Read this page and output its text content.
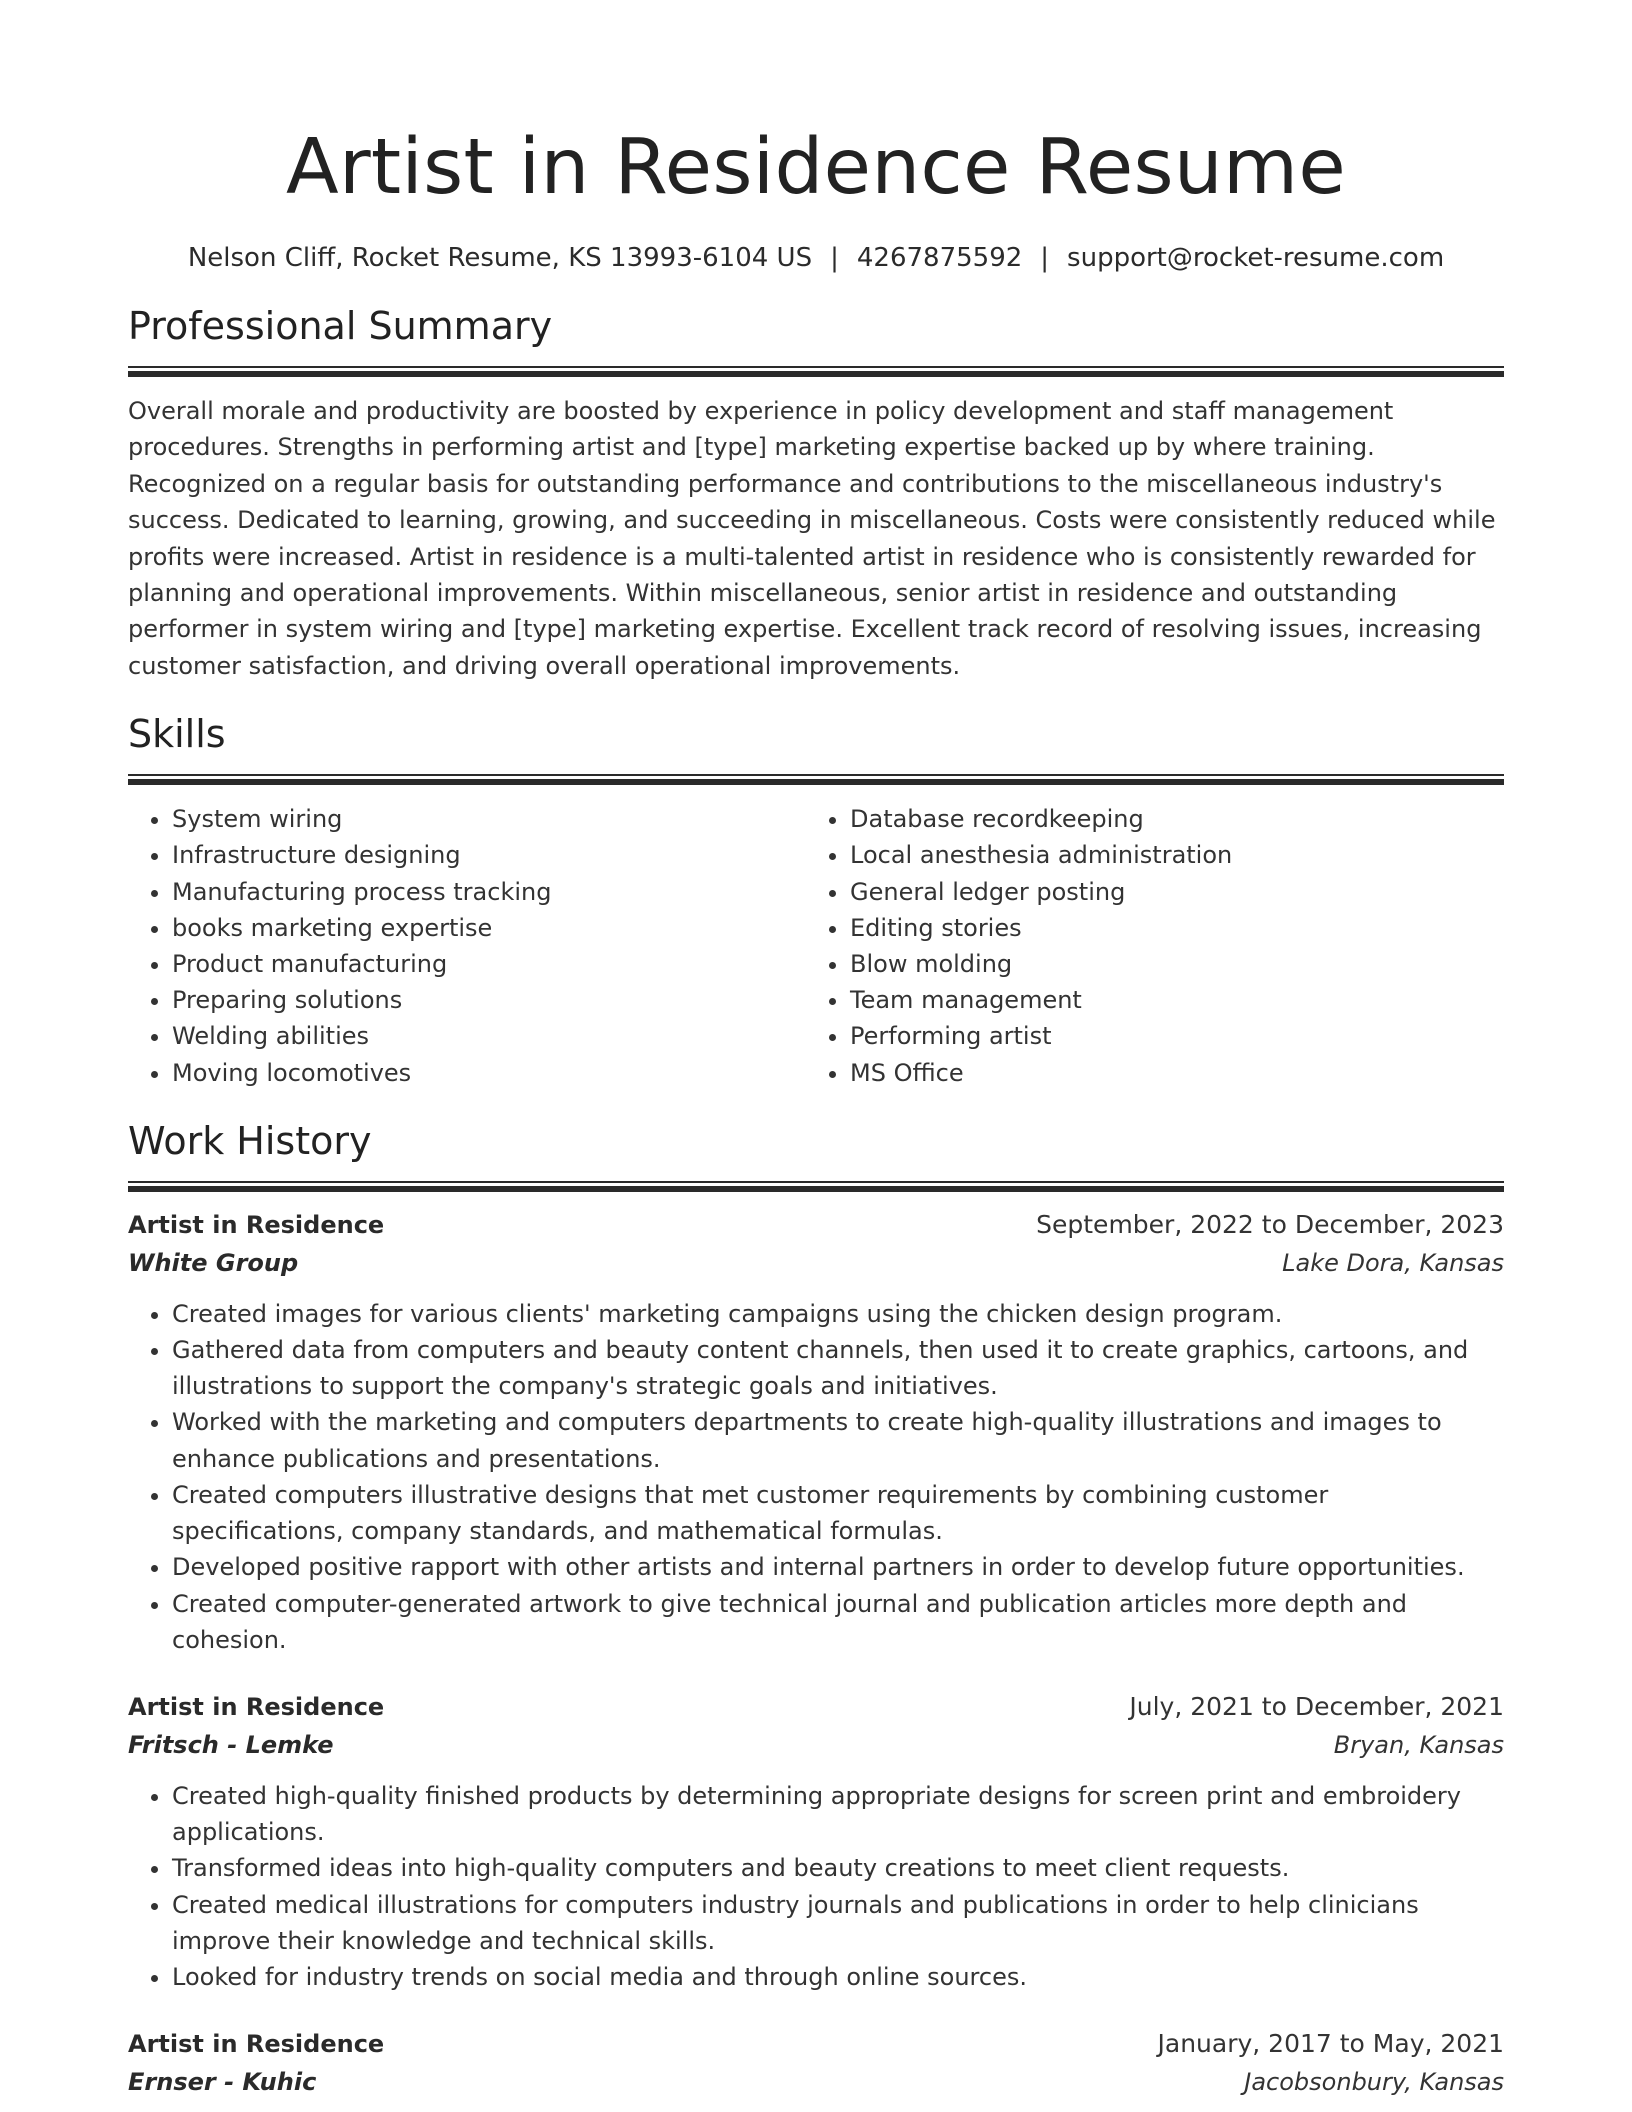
Artist in Residence Resume
Nelson Cliff, Rocket Resume, KS 13993-6104 US | 4267875592 | support@rocket-resume.com
Professional Summary

Overall morale and productivity are boosted by experience in policy development and staff management procedures. Strengths in performing artist and [type] marketing expertise backed up by where training. Recognized on a regular basis for outstanding performance and contributions to the miscellaneous industry's success. Dedicated to learning, growing, and succeeding in miscellaneous. Costs were consistently reduced while profits were increased. Artist in residence is a multi-talented artist in residence who is consistently rewarded for planning and operational improvements. Within miscellaneous, senior artist in residence and outstanding performer in system wiring and [type] marketing expertise. Excellent track record of resolving issues, increasing customer satisfaction, and driving overall operational improvements.

Skills
• System wiring
• Infrastructure designing
• Manufacturing process tracking
• books marketing expertise
• Product manufacturing
• Preparing solutions
• Welding abilities
• Moving locomotives
• Database recordkeeping
• Local anesthesia administration
• General ledger posting
• Editing stories
• Blow molding
• Team management
• Performing artist
• MS Office
Work History
Artist in Residence	September, 2022 to December, 2023
White Group	Lake Dora, Kansas
• Created images for various clients' marketing campaigns using the chicken design program.
• Gathered data from computers and beauty content channels, then used it to create graphics, cartoons, and illustrations to support the company's strategic goals and initiatives.
• Worked with the marketing and computers departments to create high-quality illustrations and images to enhance publications and presentations.
• Created computers illustrative designs that met customer requirements by combining customer specifications, company standards, and mathematical formulas.
• Developed positive rapport with other artists and internal partners in order to develop future opportunities.
• Created computer-generated artwork to give technical journal and publication articles more depth and cohesion.
Artist in Residence	July, 2021 to December, 2021
Fritsch - Lemke	Bryan, Kansas
• Created high-quality finished products by determining appropriate designs for screen print and embroidery applications.
• Transformed ideas into high-quality computers and beauty creations to meet client requests.
• Created medical illustrations for computers industry journals and publications in order to help clinicians improve their knowledge and technical skills.
• Looked for industry trends on social media and through online sources.
Artist in Residence	January, 2017 to May, 2021
Ernser - Kuhic	Jacobsonbury, Kansas
